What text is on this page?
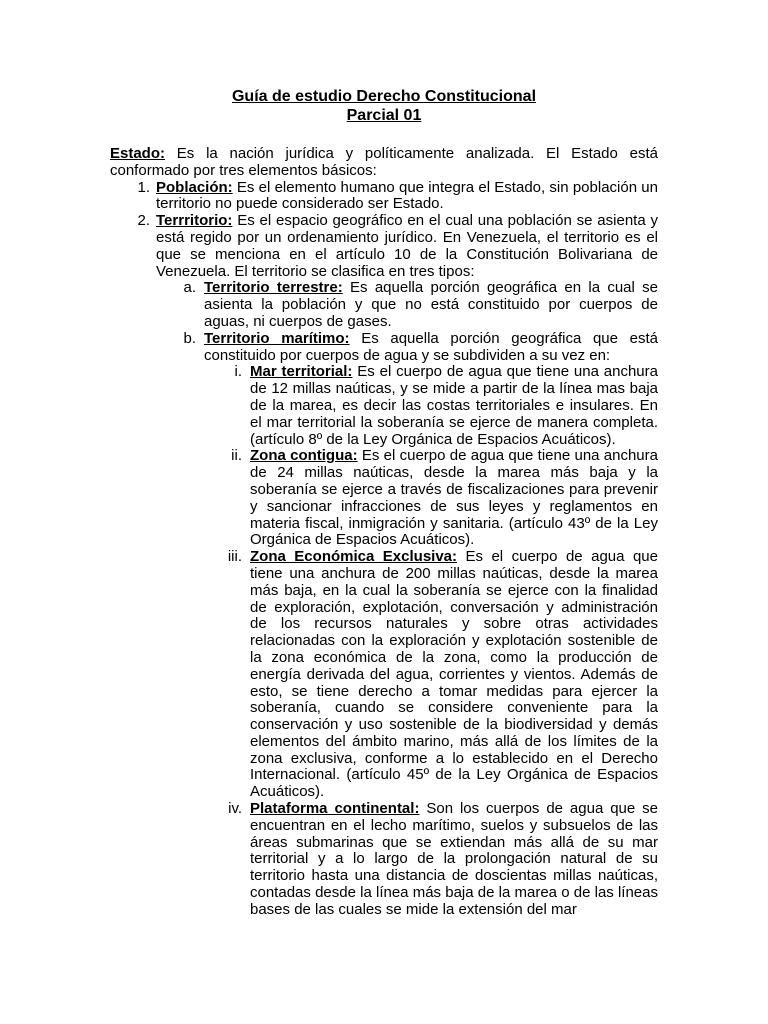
Guía de estudio Derecho Constitucional
Parcial 01

Estado: Es la nación jurídica y políticamente analizada. El Estado está conformado por tres elementos básicos:

1. Población: Es el elemento humano que integra el Estado, sin población un territorio no puede considerado ser Estado.
2. Terrritorio: Es el espacio geográfico en el cual una población se asienta y está regido por un ordenamiento jurídico. En Venezuela, el territorio es el que se menciona en el artículo 10 de la Constitución Bolivariana de Venezuela. El territorio se clasifica en tres tipos:
a. Territorio terrestre: Es aquella porción geográfica en la cual se asienta la población y que no está constituido por cuerpos de aguas, ni cuerpos de gases.
b. Territorio marítimo: Es aquella porción geográfica que está constituido por cuerpos de agua y se subdividen a su vez en:
i. Mar territorial: Es el cuerpo de agua que tiene una anchura de 12 millas naúticas, y se mide a partir de la línea mas baja de la marea, es decir las costas territoriales e insulares. En el mar territorial la soberanía se ejerce de manera completa. (artículo 8º de la Ley Orgánica de Espacios Acuáticos).
ii. Zona contigua: Es el cuerpo de agua que tiene una anchura de 24 millas naúticas, desde la marea más baja y la soberanía se ejerce a través de fiscalizaciones para prevenir y sancionar infracciones de sus leyes y reglamentos en materia fiscal, inmigración y sanitaria. (artículo 43º de la Ley Orgánica de Espacios Acuáticos).
iii. Zona Económica Exclusiva: Es el cuerpo de agua que tiene una anchura de 200 millas naúticas, desde la marea más baja, en la cual la soberanía se ejerce con la finalidad de exploración, explotación, conversación y administración de los recursos naturales y sobre otras actividades relacionadas con la exploración y explotación sostenible de la zona económica de la zona, como la producción de energía derivada del agua, corrientes y vientos. Además de esto, se tiene derecho a tomar medidas para ejercer la soberanía, cuando se considere conveniente para la conservación y uso sostenible de la biodiversidad y demás elementos del ámbito marino, más allá de los límites de la zona exclusiva, conforme a lo establecido en el Derecho Internacional. (artículo 45º de la Ley Orgánica de Espacios Acuáticos).
iv. Plataforma continental: Son los cuerpos de agua que se encuentran en el lecho marítimo, suelos y subsuelos de las áreas submarinas que se extiendan más allá de su mar territorial y a lo largo de la prolongación natural de su territorio hasta una distancia de doscientas millas naúticas, contadas desde la línea más baja de la marea o de las líneas bases de las cuales se mide la extensión del mar
